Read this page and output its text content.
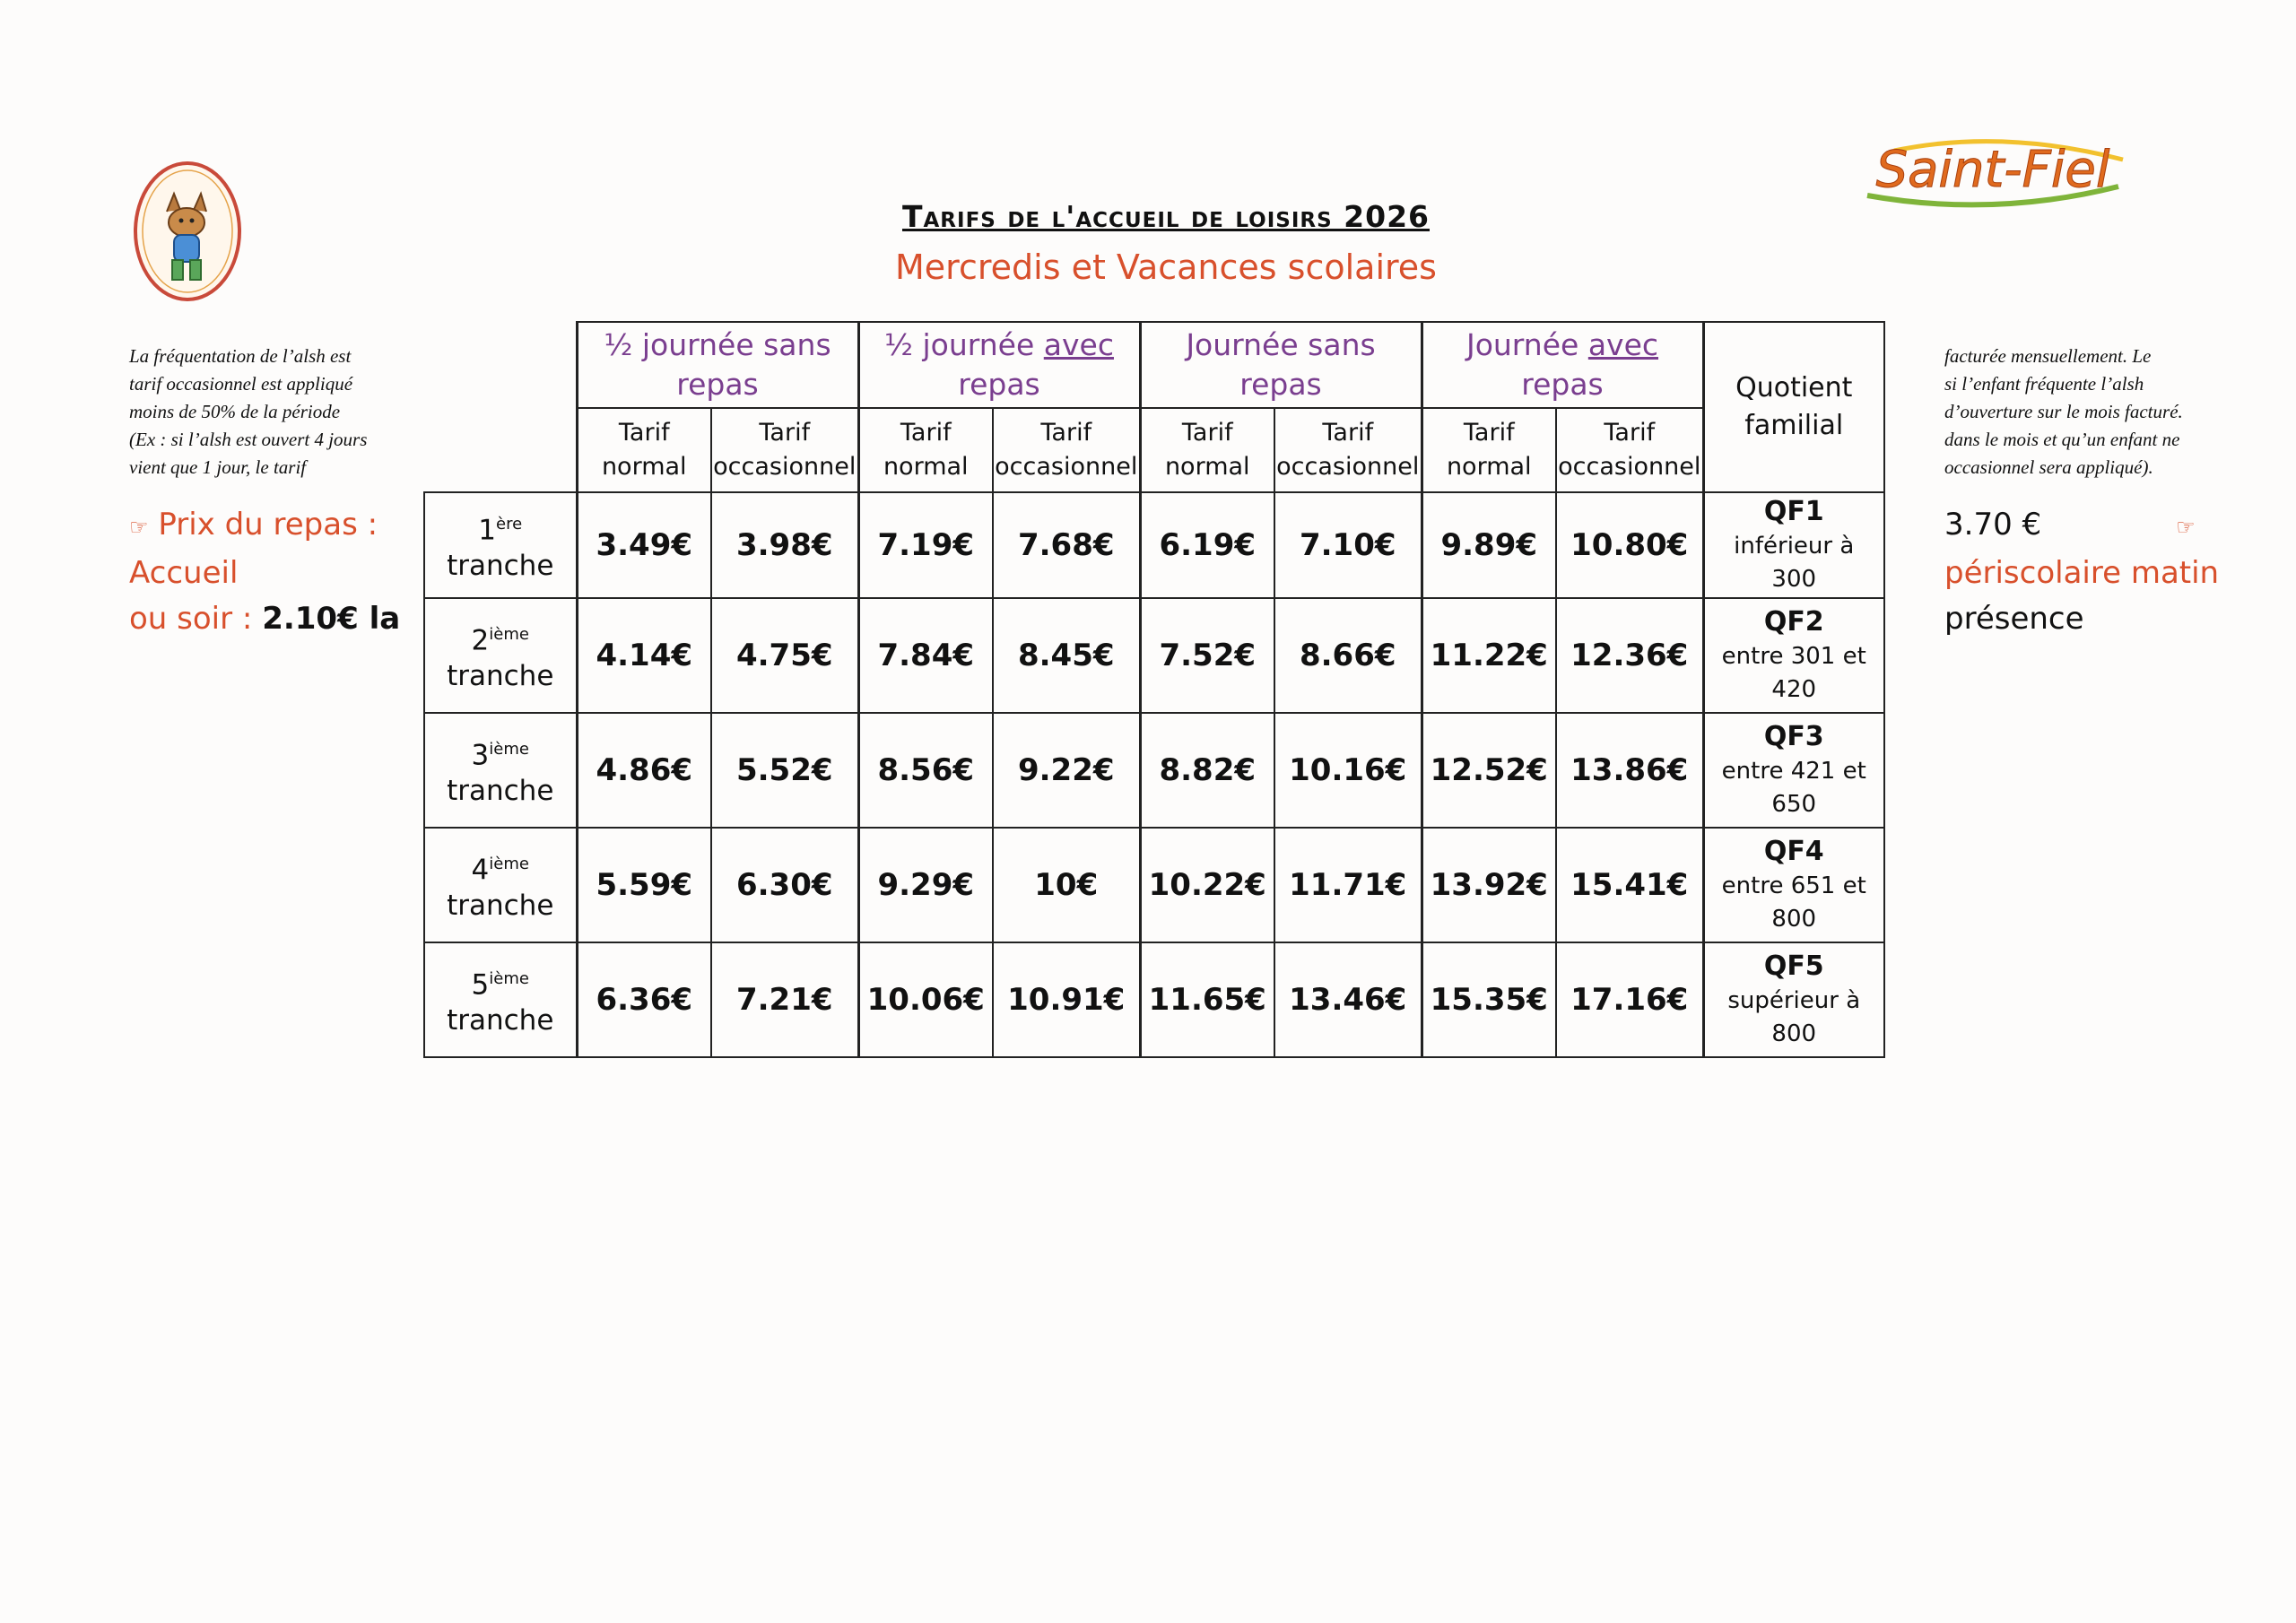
Saint-Fiel
Tarifs de l'accueil de loisirs 2026
Mercredis et Vacances scolaires

La fréquentation de l’alsh est

tarif occasionnel est appliqué

moins de 50% de la période

(Ex : si l’alsh est ouvert 4 jours

vient que 1 jour, le tarif

facturée mensuellement. Le

si l’enfant fréquente l’alsh

d’ouverture sur le mois facturé.

dans le mois et qu’un enfant ne

occasionnel sera appliqué).

☞ Prix du repas :
Accueil
ou soir : 2.10€ la
3.70 €	☞
périscolaire matin
présence
	½ journée sans repas		½ journée avec repas		Journée sans repas		Journée avec repas		Quotient
familial
	Tarif
normal	Tarif
occasionnel	Tarif
normal	Tarif
occasionnel	Tarif
normal	Tarif
occasionnel	Tarif
normal	Tarif
occasionnel	
1ère
tranche	3.49€	3.98€	7.19€	7.68€	6.19€	7.10€	9.89€	10.80€	QF1
inférieur à
300
2ième
tranche	4.14€	4.75€	7.84€	8.45€	7.52€	8.66€	11.22€	12.36€	QF2
entre 301 et
420
3ième
tranche	4.86€	5.52€	8.56€	9.22€	8.82€	10.16€	12.52€	13.86€	QF3
entre 421 et
650
4ième
tranche	5.59€	6.30€	9.29€	10€	10.22€	11.71€	13.92€	15.41€	QF4
entre 651 et
800
5ième
tranche	6.36€	7.21€	10.06€	10.91€	11.65€	13.46€	15.35€	17.16€	QF5
supérieur à
800
